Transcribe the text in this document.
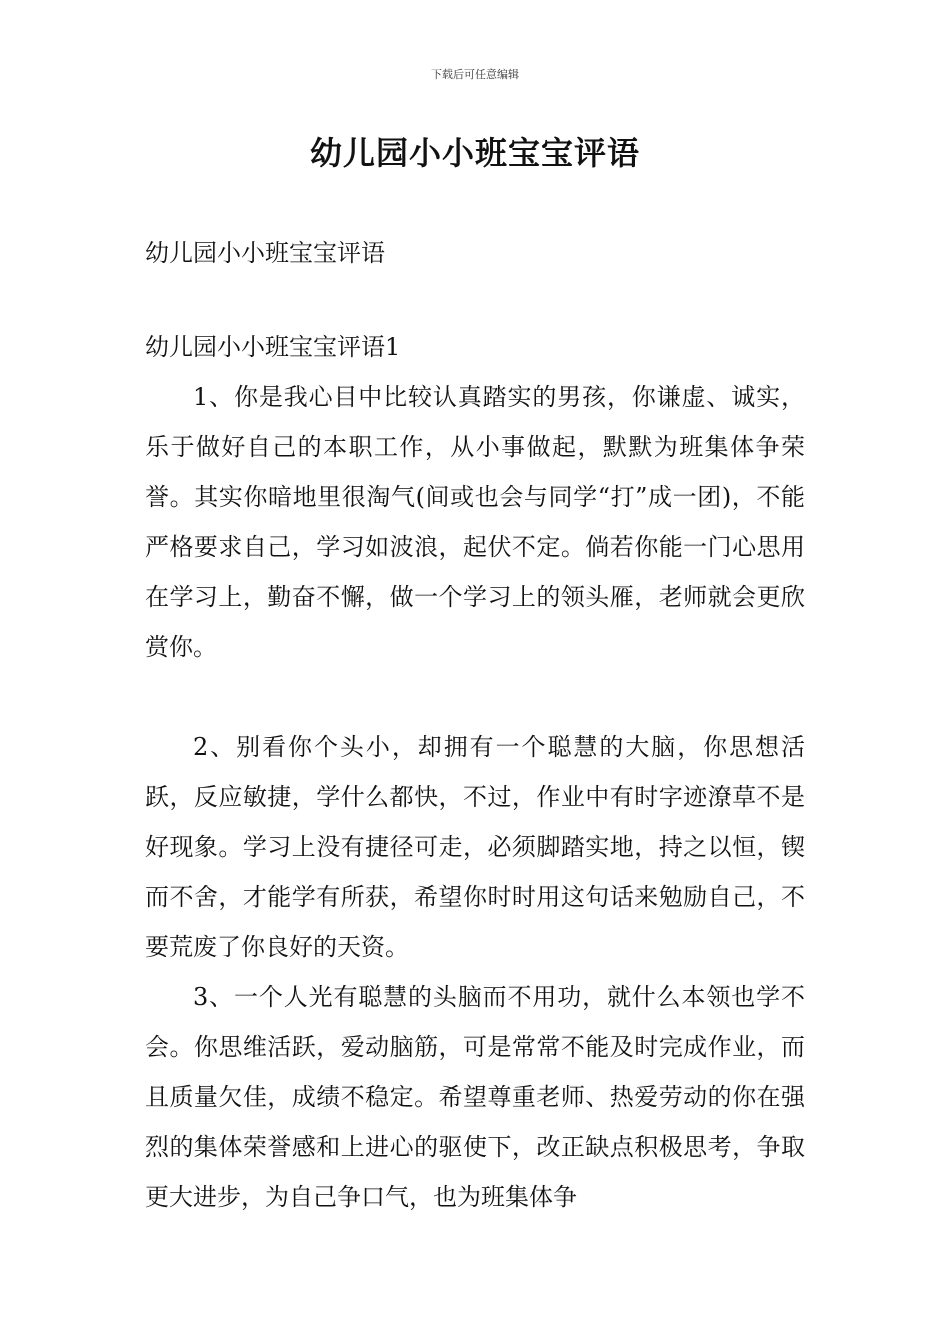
下载后可任意编辑
幼儿园小小班宝宝评语

幼儿园小小班宝宝评语

幼儿园小小班宝宝评语1

1、你是我心目中比较认真踏实的男孩，你谦虚、诚实，乐于做好自己的本职工作，从小事做起，默默为班集体争荣誉。其实你暗地里很淘气(间或也会与同学“打”成一团)，不能严格要求自己，学习如波浪，起伏不定。倘若你能一门心思用在学习上，勤奋不懈，做一个学习上的领头雁，老师就会更欣赏你。

2、别看你个头小，却拥有一个聪慧的大脑，你思想活跃，反应敏捷，学什么都快，不过，作业中有时字迹潦草不是好现象。学习上没有捷径可走，必须脚踏实地，持之以恒，锲而不舍，才能学有所获，希望你时时用这句话来勉励自己，不要荒废了你良好的天资。

3、一个人光有聪慧的头脑而不用功，就什么本领也学不会。你思维活跃，爱动脑筋，可是常常不能及时完成作业，而且质量欠佳，成绩不稳定。希望尊重老师、热爱劳动的你在强烈的集体荣誉感和上进心的驱使下，改正缺点积极思考，争取更大进步，为自己争口气，也为班集体争
